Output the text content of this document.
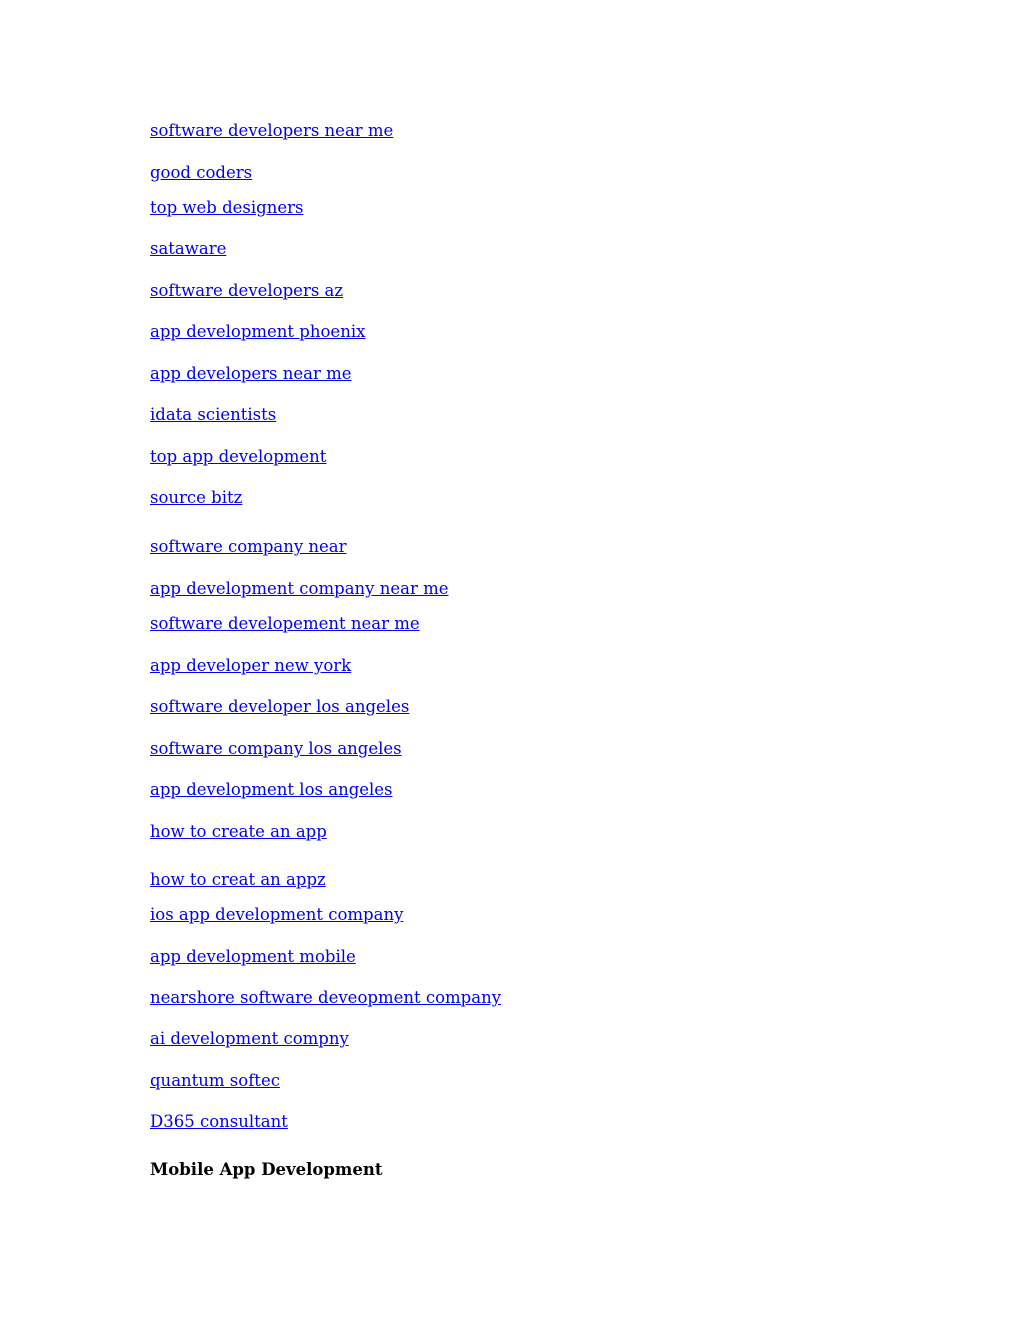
software developers near me
good coders
top web designers
sataware
software developers az
app development phoenix
app developers near me
idata scientists
top app development
source bitz
software company near
app development company near me
software developement near me
app developer new york
software developer los angeles
software company los angeles
app development los angeles
how to create an app
how to creat an appz
ios app development company
app development mobile
nearshore software deveopment company
ai development compny
quantum softec
D365 consultant
Mobile App Development
